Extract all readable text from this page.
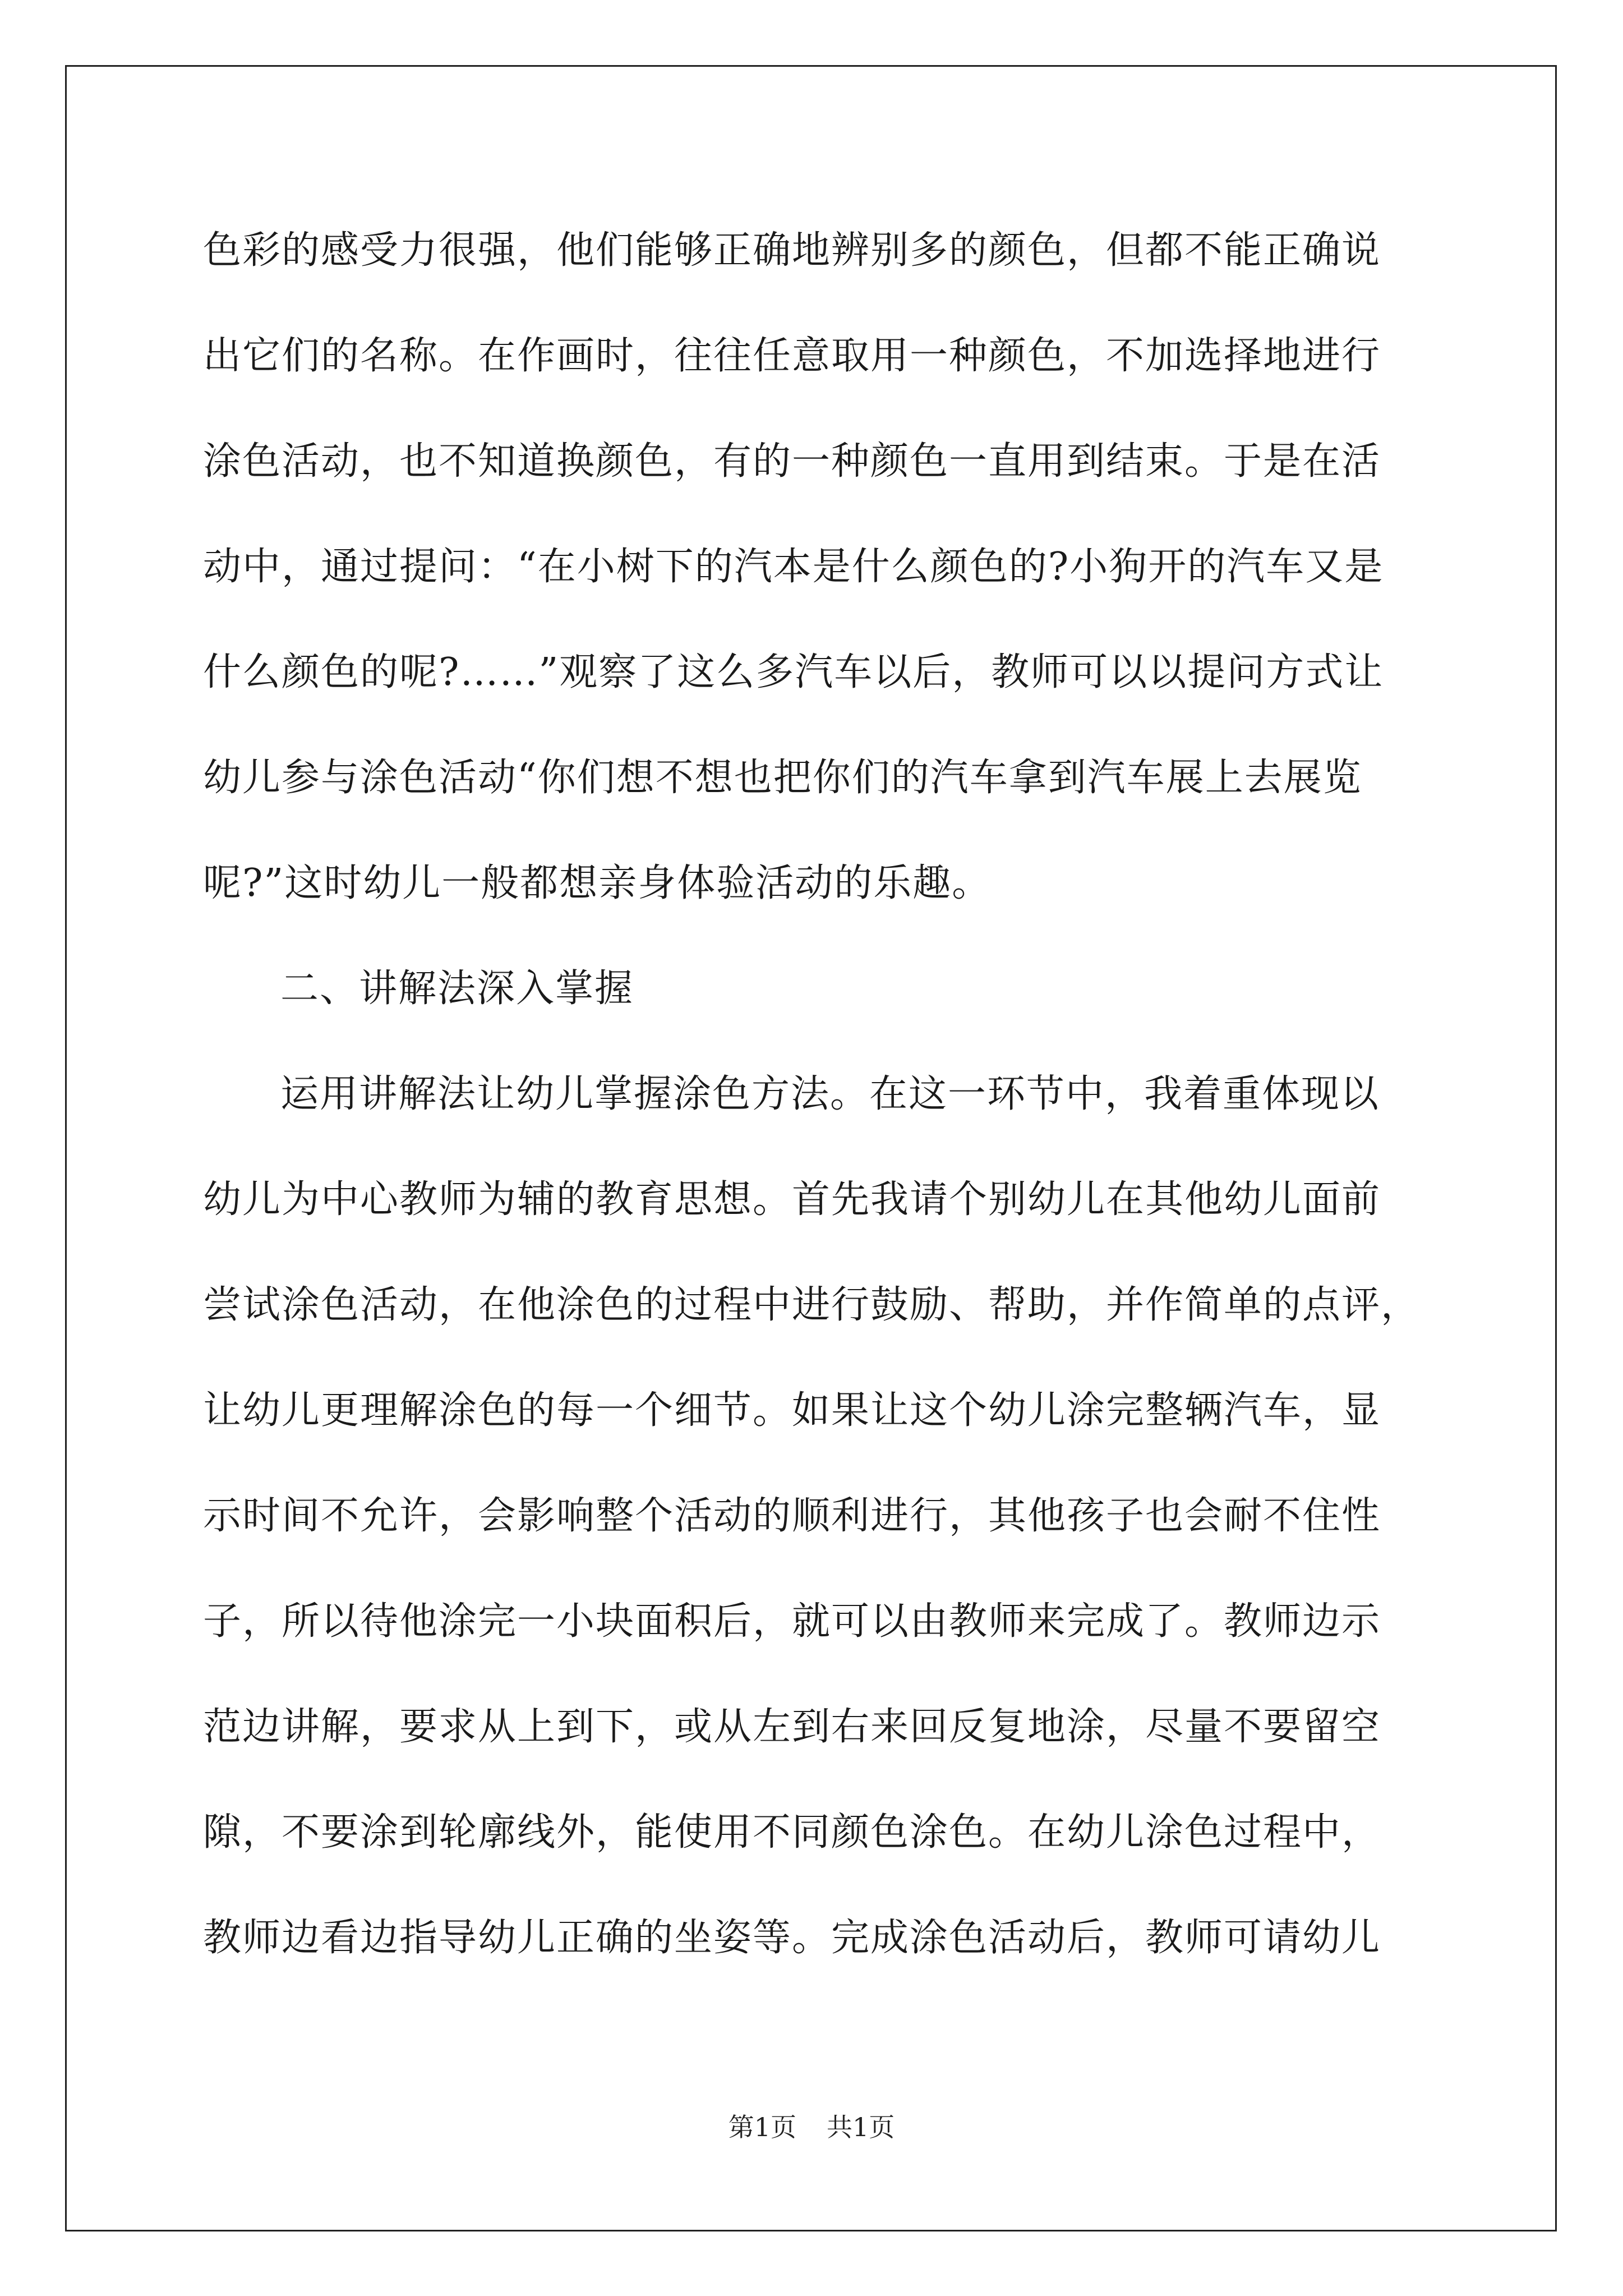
色彩的感受力很强，他们能够正确地辨别多的颜色，但都不能正确说
出它们的名称。在作画时，往往任意取用一种颜色，不加选择地进行
涂色活动，也不知道换颜色，有的一种颜色一直用到结束。于是在活
动中，通过提问：“在小树下的汽本是什么颜色的?小狗开的汽车又是
什么颜色的呢?……”观察了这么多汽车以后，教师可以以提问方式让
幼儿参与涂色活动“你们想不想也把你们的汽车拿到汽车展上去展览
呢?”这时幼儿一般都想亲身体验活动的乐趣。
二、讲解法深入掌握
运用讲解法让幼儿掌握涂色方法。在这一环节中，我着重体现以
幼儿为中心教师为辅的教育思想。首先我请个别幼儿在其他幼儿面前
尝试涂色活动，在他涂色的过程中进行鼓励、帮助，并作简单的点评，
让幼儿更理解涂色的每一个细节。如果让这个幼儿涂完整辆汽车，显
示时间不允许，会影响整个活动的顺利进行，其他孩子也会耐不住性
子，所以待他涂完一小块面积后，就可以由教师来完成了。教师边示
范边讲解，要求从上到下，或从左到右来回反复地涂，尽量不要留空
隙，不要涂到轮廓线外，能使用不同颜色涂色。在幼儿涂色过程中，
教师边看边指导幼儿正确的坐姿等。完成涂色活动后，教师可请幼儿
第1页 共1页
